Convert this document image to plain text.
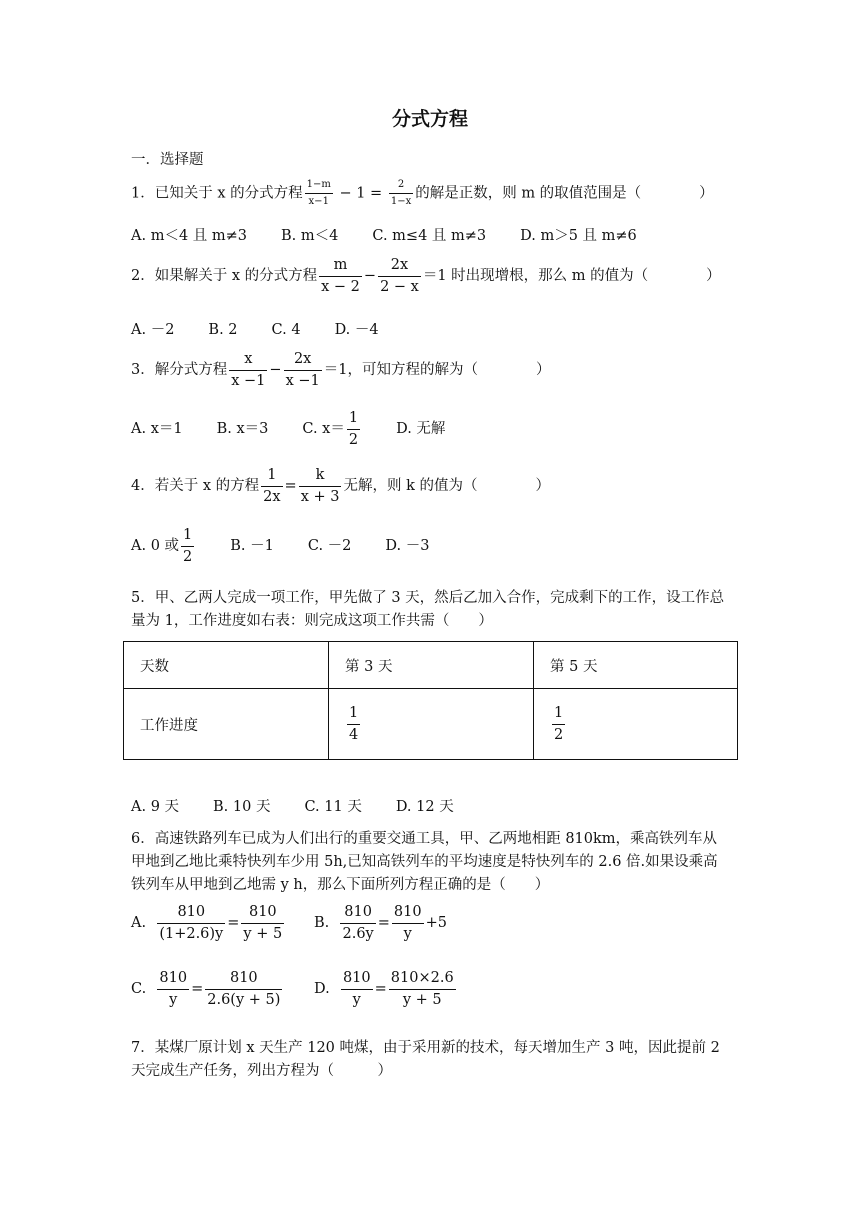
分式方程
一．选择题
1．已知关于 x 的分式方程 $\frac{1-m}{x-1} - 1 = \frac{2}{1-x}$ 的解是正数，则 m 的取值范围是（　　　　）
A. m＜4 且 m≠3 B. m＜4 C. m≤4 且 m≠3 D. m＞5 且 m≠6
2．如果解关于 x 的分式方程 $\frac{m}{x - 2} - \frac{2x}{2 - x} =1$ 时出现增根，那么 m 的值为（　　　　）
A. －2 B. 2 C. 4 D. －4
3．解分式方程 $\frac{x}{x -1} - \frac{2x}{x -1} =1$，可知方程的解为（　　　　）
A. x＝1 B. x＝3 C. $x= \frac{1}{2} D$. 无解
4．若关于 x 的方程 $\frac{1}{2x} = \frac{k}{x + 3}$ 无解，则 k 的值为（　　　　）
A. 0 或 $\frac{1}{2} B$. －1 C. －2 D. －3
5．甲、乙两人完成一项工作，甲先做了 3 天，然后乙加入合作，完成剩下的工作，设工作总量为 1，工作进度如右表：则完成这项工作共需（　　）
天数	第 3 天	第 5 天
工作进度	$\frac{1}{4}$	$\frac{1}{2}$
A. 9 天 B. 10 天 C. 11 天 D. 12 天
6．高速铁路列车已成为人们出行的重要交通工具，甲、乙两地相距 810km，乘高铁列车从甲地到乙地比乘特快列车少用 5h,已知高铁列车的平均速度是特快列车的 2.6 倍.如果设乘高铁列车从甲地到乙地需 y h，那么下面所列方程正确的是（　　）
A. $\frac{810}{(1+2.6)y} = \frac{810}{y + 5} B$. $\frac{810}{2.6y} = \frac{810}{y} +5$
C. $\frac{810}{y} = \frac{810}{2.6(y + 5)} D$. $\frac{810}{y} = \frac{810\times 2.6}{y + 5}$
7．某煤厂原计划 x 天生产 120 吨煤，由于采用新的技术，每天增加生产 3 吨，因此提前 2 天完成生产任务，列出方程为（　　　）
